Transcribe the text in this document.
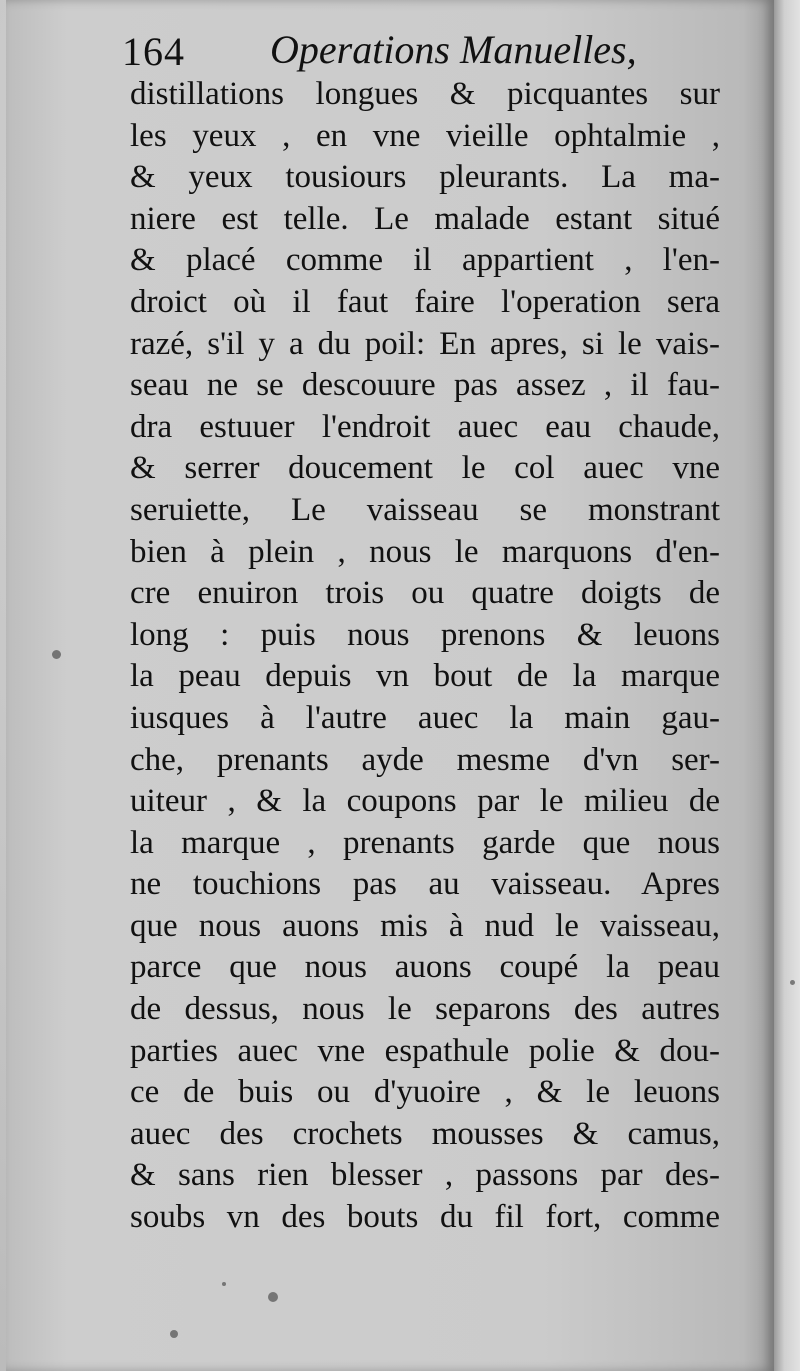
164 Operations Manuelles,
distillations longues & picquantes sur
les yeux , en vne vieille ophtalmie ,
& yeux tousiours pleurants. La ma-
niere est telle. Le malade estant situé
& placé comme il appartient , l'en-
droict où il faut faire l'operation sera
razé, s'il y a du poil: En apres, si le vais-
seau ne se descouure pas assez , il fau-
dra estuuer l'endroit auec eau chaude,
& serrer doucement le col auec vne
seruiette, Le vaisseau se monstrant
bien à plein , nous le marquons d'en-
cre enuiron trois ou quatre doigts de
long : puis nous prenons & leuons
la peau depuis vn bout de la marque
iusques à l'autre auec la main gau-
che, prenants ayde mesme d'vn ser-
uiteur , & la coupons par le milieu de
la marque , prenants garde que nous
ne touchions pas au vaisseau. Apres
que nous auons mis à nud le vaisseau,
parce que nous auons coupé la peau
de dessus, nous le separons des autres
parties auec vne espathule polie & dou-
ce de buis ou d'yuoire , & le leuons
auec des crochets mousses & camus,
& sans rien blesser , passons par des-
soubs vn des bouts du fil fort, comme
